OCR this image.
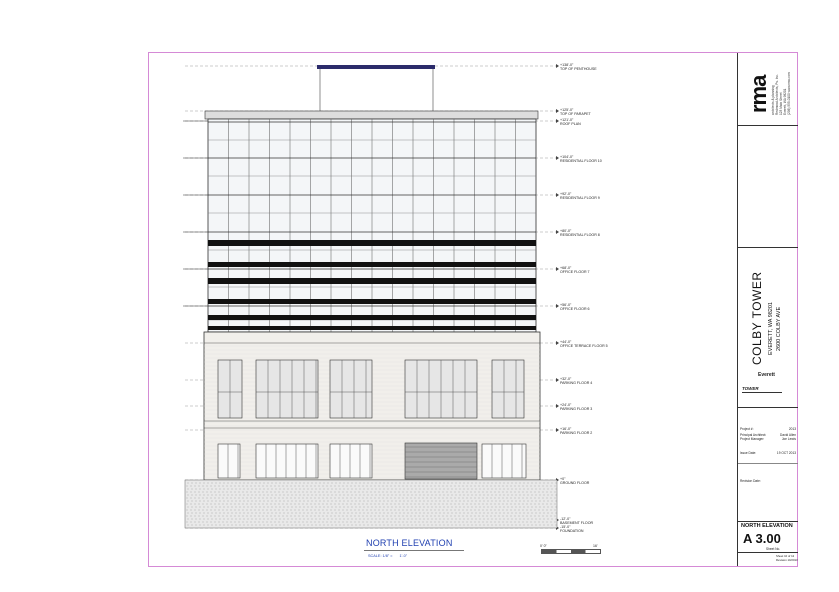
+138'-0"
TOP OF PENTHOUSE
+125'-0"
TOP OF PARAPET
+121'-0"
ROOF PLAN
+104'-0"
RESIDENTIAL FLOOR 10
+92'-0"
RESIDENTIAL FLOOR 9
+80'-0"
RESIDENTIAL FLOOR 8
+68'-0"
OFFICE FLOOR 7
+56'-0"
OFFICE FLOOR 6
+44'-0"
OFFICE TERRACE FLOOR 5
+32'-0"
PARKING FLOOR 4
+24'-0"
PARKING FLOOR 3
+16'-0"
PARKING FLOOR 2
+0"
GROUND FLOOR
-12'-0"
BASEMENT FLOOR
-15'-0"
FOUNDATION
NORTH ELEVATION
SCALE: 1/8" = 1'-0"
0' 0"	16'
rma architects & planning Redmond Architects, Ps. Inc. 123 Main Street Everett, WA 98201 (206) 555-0100 www.rma.com
COLBY TOWER EVERETT, WA 98201 2600 COLBY AVE
Everett
TOWER
Project #:	2013
Principal Architect:	David Allen
Project Manager:	Joe Lewis
Issue Date:	19 OCT 2013
Revision Date:
NORTH ELEVATION
A 3.00
Sheet No.
Sheet 10 of 12
Revision 10/2013
